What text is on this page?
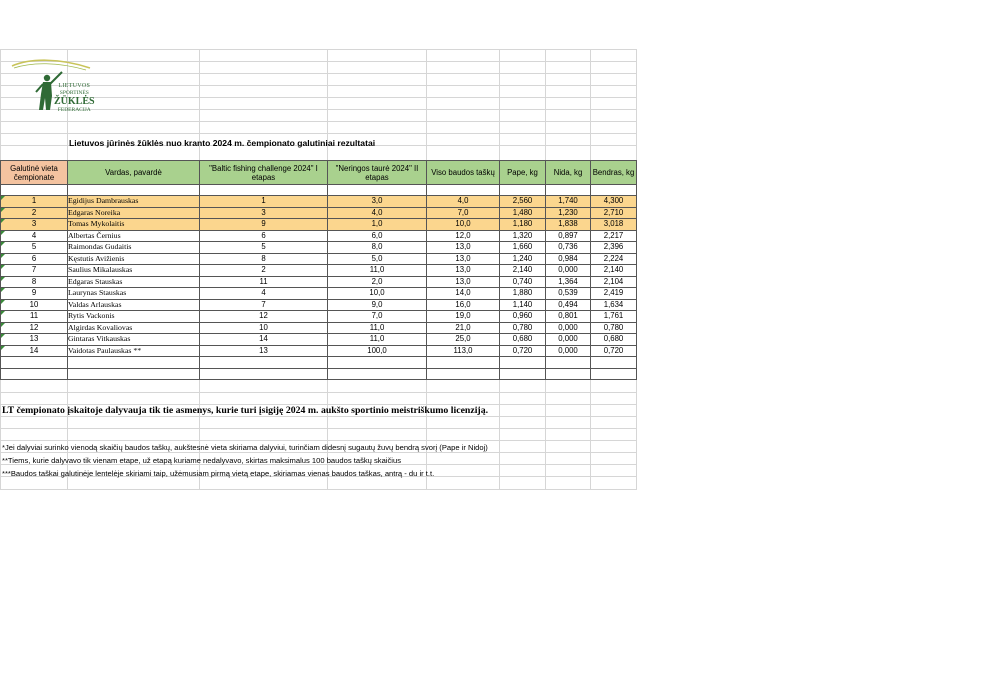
LIETUVOS
SPORTINĖS
ŽŪKLĖS
FEDERACIJA
Lietuvos jūrinės žūklės nuo kranto 2024 m. čempionato galutiniai rezultatai
Galutinė vieta čempionate	Vardas, pavardė	"Baltic fishing challenge 2024" I etapas	"Neringos taurė 2024" II etapas	Viso baudos taškų	Pape, kg	Nida, kg	Bendras, kg

1	Egidijus Dambrauskas	1	3,0	4,0	2,560	1,740	4,300

2	Edgaras Noreika	3	4,0	7,0	1,480	1,230	2,710

3	Tomas Mykolaitis	9	1,0	10,0	1,180	1,838	3,018

4	Albertas Černius	6	6,0	12,0	1,320	0,897	2,217

5	Raimondas Gudaitis	5	8,0	13,0	1,660	0,736	2,396

6	Kęstutis Avižienis	8	5,0	13,0	1,240	0,984	2,224

7	Saulius Mikalauskas	2	11,0	13,0	2,140	0,000	2,140

8	Edgaras Stauskas	11	2,0	13,0	0,740	1,364	2,104

9	Laurynas Stauskas	4	10,0	14,0	1,880	0,539	2,419

10	Valdas Arlauskas	7	9,0	16,0	1,140	0,494	1,634

11	Rytis Vackonis	12	7,0	19,0	0,960	0,801	1,761

12	Algirdas Kovaliovas	10	11,0	21,0	0,780	0,000	0,780

13	Gintaras Vitkauskas	14	11,0	25,0	0,680	0,000	0,680

14	Vaidotas Paulauskas **	13	100,0	113,0	0,720	0,000	0,720

LT čempionato įskaitoje dalyvauja tik tie asmenys, kurie turi įsigiję 2024 m. aukšto sportinio meistriškumo licenziją.
*Jei dalyviai surinko vienodą skaičių baudos taškų, aukštesnė vieta skiriama dalyviui, turinčiam didesnį sugautų žuvų bendrą svorį (Pape ir Nidoj)
**Tiems, kurie dalyvavo tik vienam etape, už etapą kuriame nedalyvavo, skirtas maksimalus 100 baudos taškų skaičius
***Baudos taškai galutinėje lentelėje skiriami taip, užėmusiam pirmą vietą etape, skiriamas vienas baudos taškas, antrą - du ir t.t.
